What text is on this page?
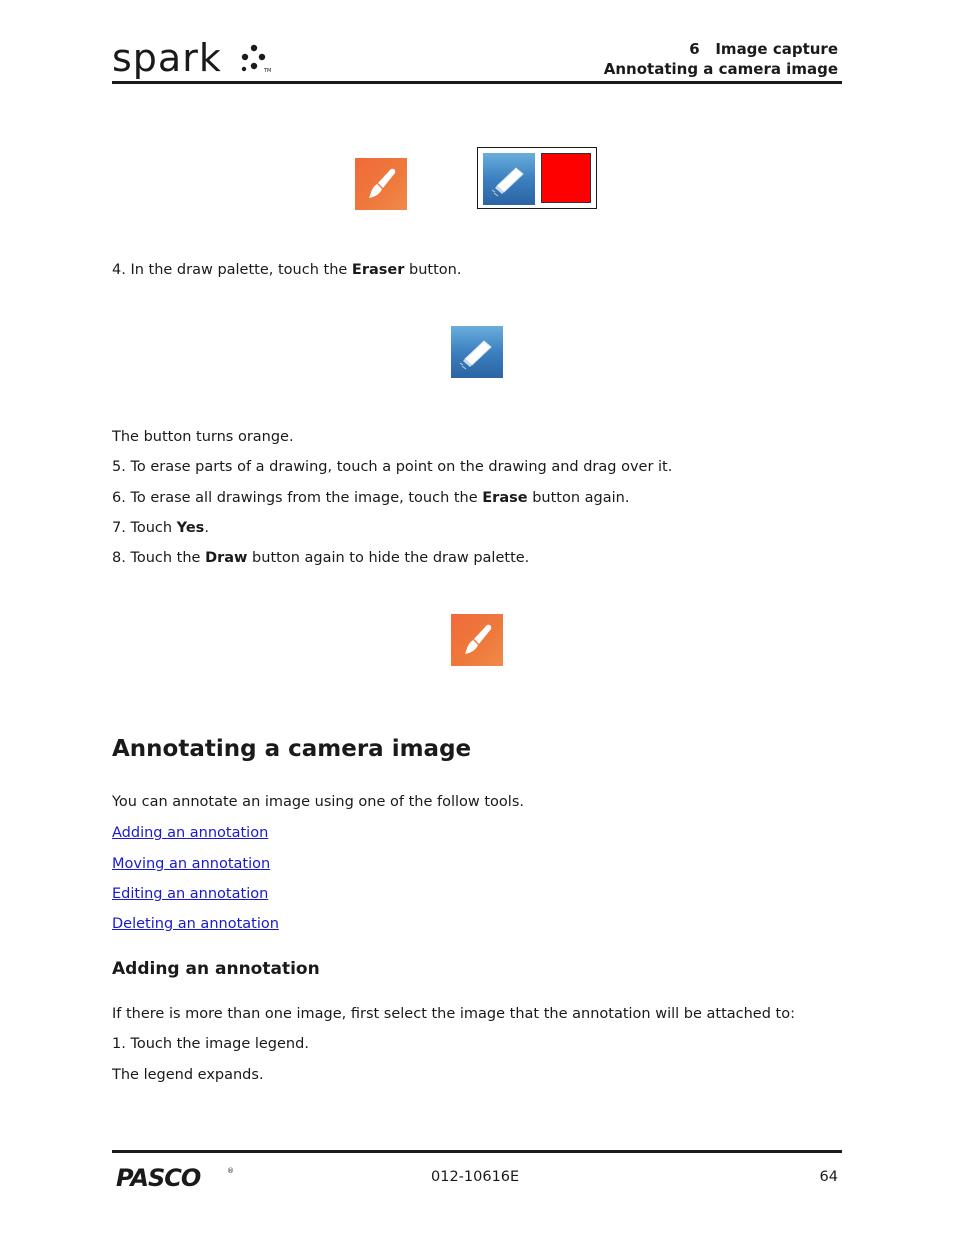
spark	TM
6   Image capture
Annotating a camera image
4. In the draw palette, touch the Eraser button.
The button turns orange.
5. To erase parts of a drawing, touch a point on the drawing and drag over it.
6. To erase all drawings from the image, touch the Erase button again.
7. Touch Yes.
8. Touch the Draw button again to hide the draw palette.
Annotating a camera image
You can annotate an image using one of the follow tools.
Adding an annotation
Moving an annotation
Editing an annotation
Deleting an annotation
Adding an annotation
If there is more than one image, first select the image that the annotation will be attached to:
1. Touch the image legend.
The legend expands.
PASCO	®	012-10616E	64
